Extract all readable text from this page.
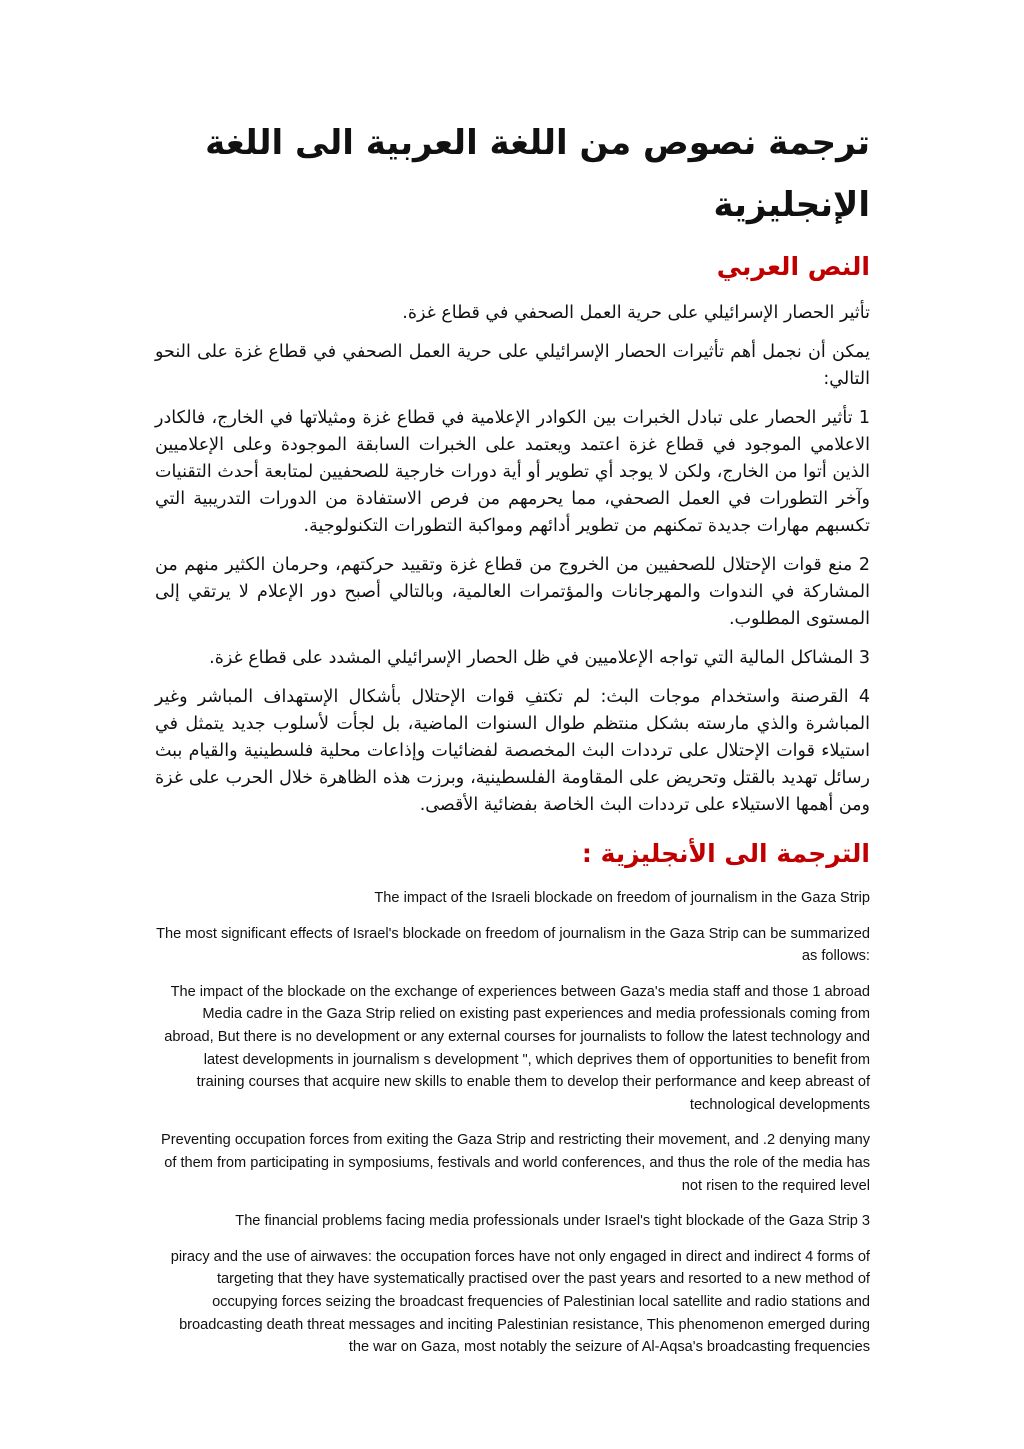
ترجمة نصوص من اللغة العربية الى اللغة الإنجليزية
النص العربي

تأثير الحصار الإسرائيلي على حرية العمل الصحفي في قطاع غزة.

يمكن أن نجمل أهم تأثيرات الحصار الإسرائيلي على حرية العمل الصحفي في قطاع غزة على النحو التالي:

1 تأثير الحصار على تبادل الخبرات بين الكوادر الإعلامية في قطاع غزة ومثيلاتها في الخارج، فالكادر الاعلامي الموجود في قطاع غزة اعتمد ويعتمد على الخبرات السابقة الموجودة وعلى الإعلاميين الذين أتوا من الخارج، ولكن لا يوجد أي تطوير أو أية دورات خارجية للصحفيين لمتابعة أحدث التقنيات وآخر التطورات في العمل الصحفي، مما يحرمهم من فرص الاستفادة من الدورات التدريبية التي تكسبهم مهارات جديدة تمكنهم من تطوير أدائهم ومواكبة التطورات التكنولوجية.

2 منع قوات الإحتلال للصحفيين من الخروج من قطاع غزة وتقييد حركتهم، وحرمان الكثير منهم من المشاركة في الندوات والمهرجانات والمؤتمرات العالمية، وبالتالي أصبح دور الإعلام لا يرتقي إلى المستوى المطلوب.

3 المشاكل المالية التي تواجه الإعلاميين في ظل الحصار الإسرائيلي المشدد على قطاع غزة.

4 القرصنة واستخدام موجات البث: لم تكتفِ قوات الإحتلال بأشكال الإستهداف المباشر وغير المباشرة والذي مارسته بشكل منتظم طوال السنوات الماضية، بل لجأت لأسلوب جديد يتمثل في استيلاء قوات الإحتلال على ترددات البث المخصصة لفضائيات وإذاعات محلية فلسطينية والقيام ببث رسائل تهديد بالقتل وتحريض على المقاومة الفلسطينية، وبرزت هذه الظاهرة خلال الحرب على غزة ومن أهمها الاستيلاء على ترددات البث الخاصة بفضائية الأقصى.

الترجمة الى الأنجليزية :

The impact of the Israeli blockade on freedom of journalism in the Gaza Strip

The most significant effects of Israel's blockade on freedom of journalism in the Gaza Strip can be summarized as follows:

The impact of the blockade on the exchange of experiences between Gaza's media staff and those 1 abroad Media cadre in the Gaza Strip relied on existing past experiences and media professionals coming from abroad, But there is no development or any external courses for journalists to follow the latest technology and latest developments in journalism s development ", which deprives them of opportunities to benefit from training courses that acquire new skills to enable them to develop their performance and keep abreast of technological developments

Preventing occupation forces from exiting the Gaza Strip and restricting their movement, and .2 denying many of them from participating in symposiums, festivals and world conferences, and thus the role of the media has not risen to the required level

The financial problems facing media professionals under Israel's tight blockade of the Gaza Strip 3

piracy and the use of airwaves: the occupation forces have not only engaged in direct and indirect 4 forms of targeting that they have systematically practised over the past years and resorted to a new method of occupying forces seizing the broadcast frequencies of Palestinian local satellite and radio stations and broadcasting death threat messages and inciting Palestinian resistance, This phenomenon emerged during the war on Gaza, most notably the seizure of Al-Aqsa's broadcasting frequencies
